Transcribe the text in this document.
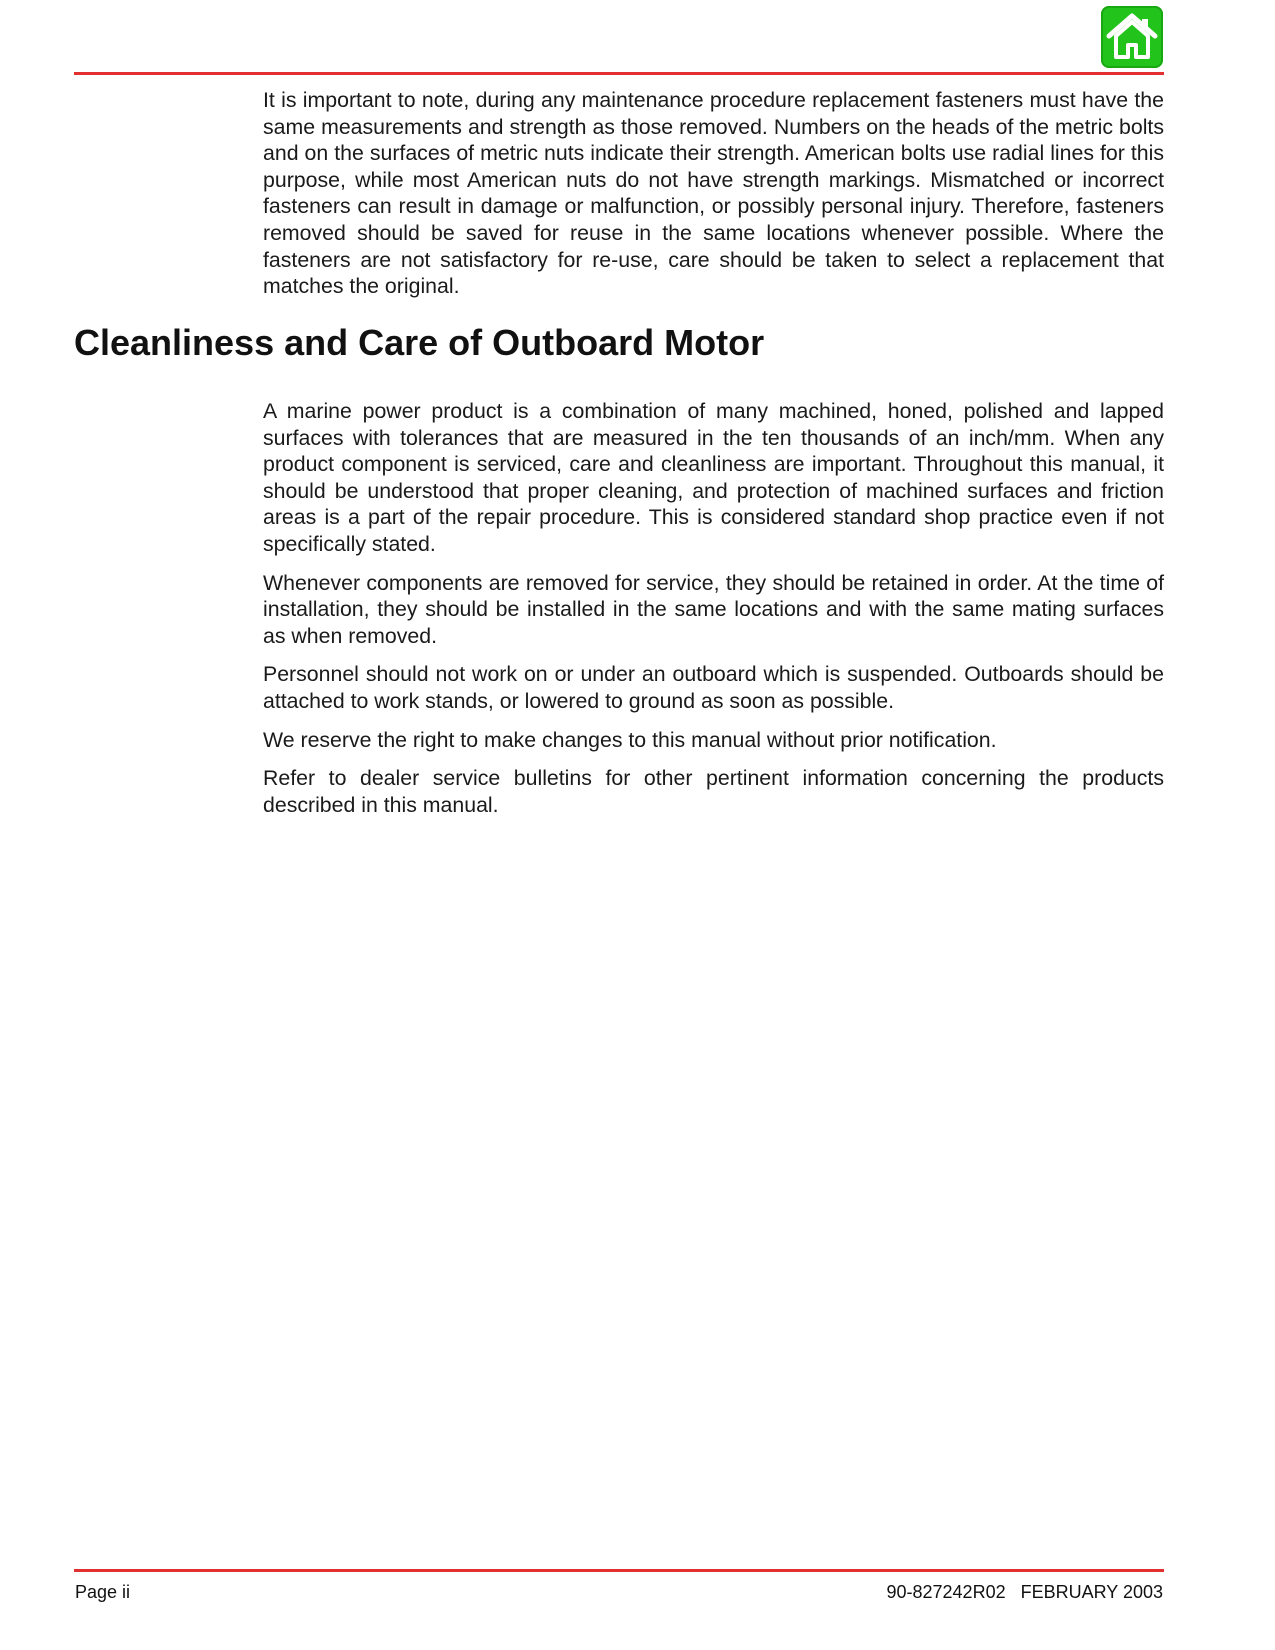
It is important to note, during any maintenance procedure replacement fasteners must have the same measurements and strength as those removed. Numbers on the heads of the metric bolts and on the surfaces of metric nuts indicate their strength. American bolts use radial lines for this purpose, while most American nuts do not have strength markings. Mismatched or incorrect fasteners can result in damage or malfunction, or possibly personal injury. Therefore, fasteners removed should be saved for reuse in the same locations whenever possible. Where the fasteners are not satisfactory for re-use, care should be taken to select a replacement that matches the original.

Cleanliness and Care of Outboard Motor

A marine power product is a combination of many machined, honed, polished and lapped surfaces with tolerances that are measured in the ten thousands of an inch/mm. When any product component is serviced, care and cleanliness are important. Throughout this manual, it should be understood that proper cleaning, and protection of machined surfaces and friction areas is a part of the repair procedure. This is considered standard shop practice even if not specifically stated.

Whenever components are removed for service, they should be retained in order. At the time of installation, they should be installed in the same locations and with the same mating surfaces as when removed.

Personnel should not work on or under an outboard which is suspended. Outboards should be attached to work stands, or lowered to ground as soon as possible.

We reserve the right to make changes to this manual without prior notification.

Refer to dealer service bulletins for other pertinent information concerning the products described in this manual.

Page ii	90-827242R02   FEBRUARY 2003
